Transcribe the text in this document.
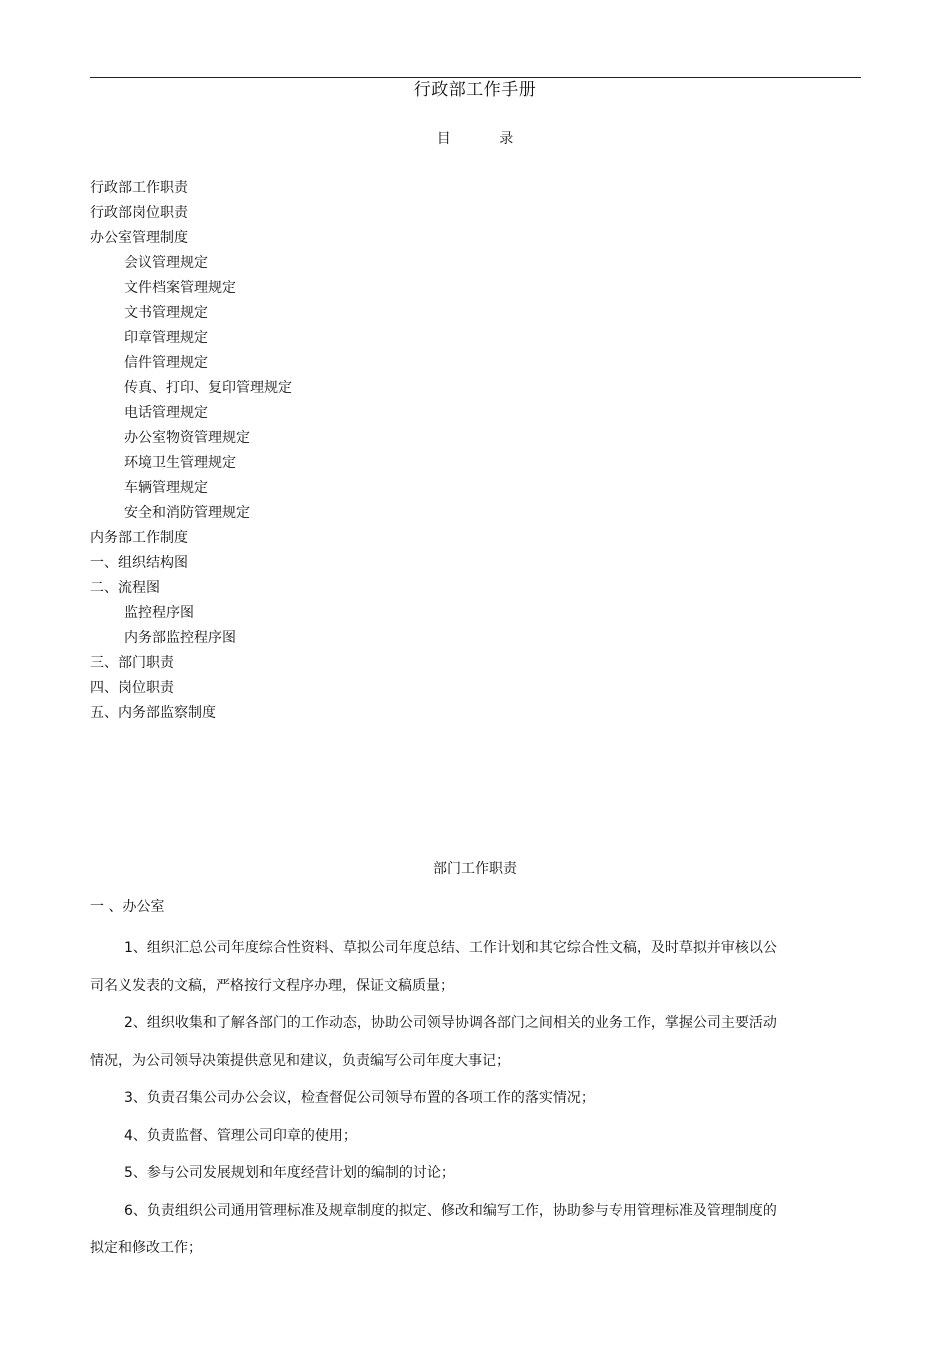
行政部工作手册
目 录
行政部工作职责
行政部岗位职责
办公室管理制度
会议管理规定
文件档案管理规定
文书管理规定
印章管理规定
信件管理规定
传真、打印、复印管理规定
电话管理规定
办公室物资管理规定
环境卫生管理规定
车辆管理规定
安全和消防管理规定
内务部工作制度
一、组织结构图
二、流程图
监控程序图
内务部监控程序图
三、部门职责
四、岗位职责
五、内务部监察制度
部门工作职责
一 、办公室

1、组织汇总公司年度综合性资料、草拟公司年度总结、工作计划和其它综合性文稿，及时草拟并审核以公司名义发表的文稿，严格按行文程序办理，保证文稿质量；

2、组织收集和了解各部门的工作动态，协助公司领导协调各部门之间相关的业务工作，掌握公司主要活动情况，为公司领导决策提供意见和建议，负责编写公司年度大事记；

3、负责召集公司办公会议，检查督促公司领导布置的各项工作的落实情况；

4、负责监督、管理公司印章的使用；

5、参与公司发展规划和年度经营计划的编制的讨论；

6、负责组织公司通用管理标准及规章制度的拟定、修改和编写工作，协助参与专用管理标准及管理制度的拟定和修改工作；
